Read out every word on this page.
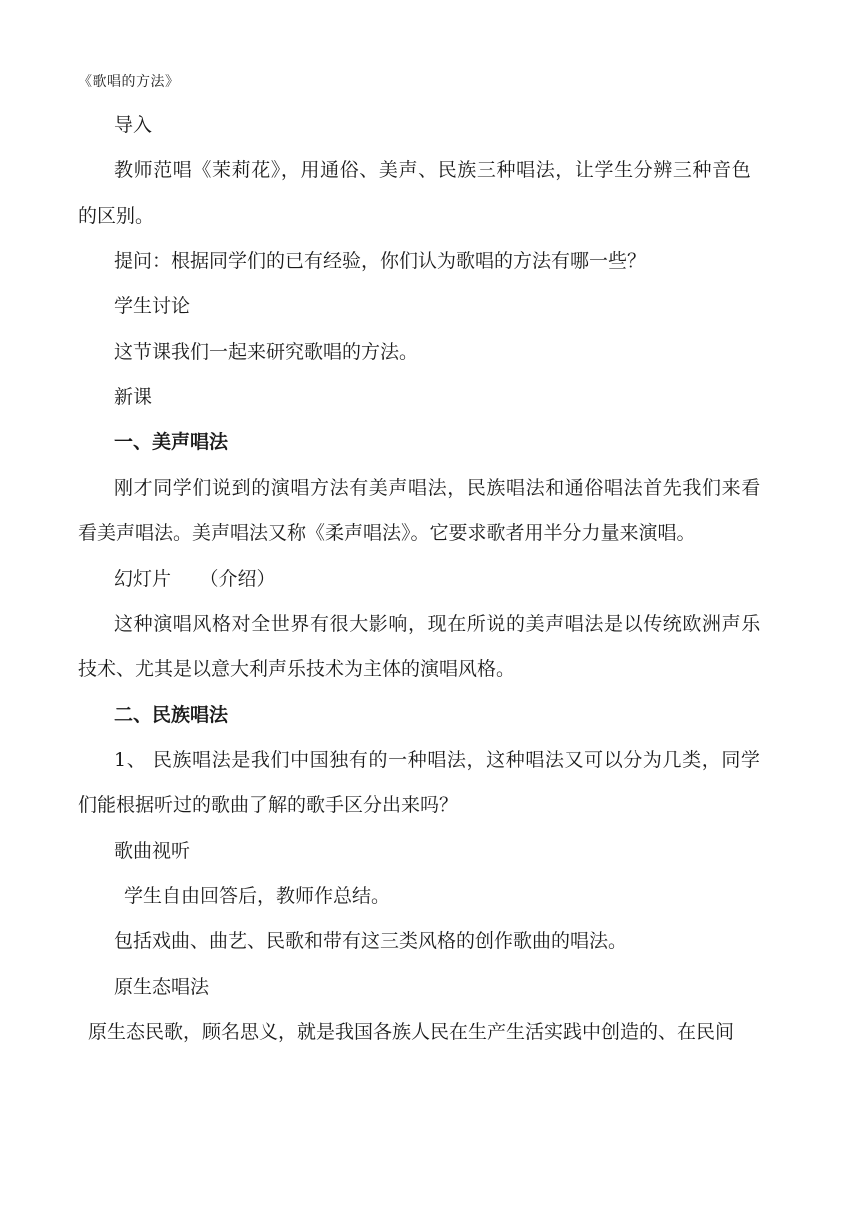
《歌唱的方法》
导入
教师范唱《茉莉花》，用通俗、美声、民族三种唱法，让学生分辨三种音色
的区别。
提问：根据同学们的已有经验，你们认为歌唱的方法有哪一些？
学生讨论
这节课我们一起来研究歌唱的方法。
新课
一、美声唱法
刚才同学们说到的演唱方法有美声唱法，民族唱法和通俗唱法首先我们来看
看美声唱法。美声唱法又称《柔声唱法》。它要求歌者用半分力量来演唱。
幻灯片　　（介绍）
这种演唱风格对全世界有很大影响，现在所说的美声唱法是以传统欧洲声乐
技术、尤其是以意大利声乐技术为主体的演唱风格。
二、民族唱法
1、 民族唱法是我们中国独有的一种唱法，这种唱法又可以分为几类，同学
们能根据听过的歌曲了解的歌手区分出来吗？
歌曲视听
学生自由回答后，教师作总结。
包括戏曲、曲艺、民歌和带有这三类风格的创作歌曲的唱法。
原生态唱法
原生态民歌，顾名思义，就是我国各族人民在生产生活实践中创造的、在民间
